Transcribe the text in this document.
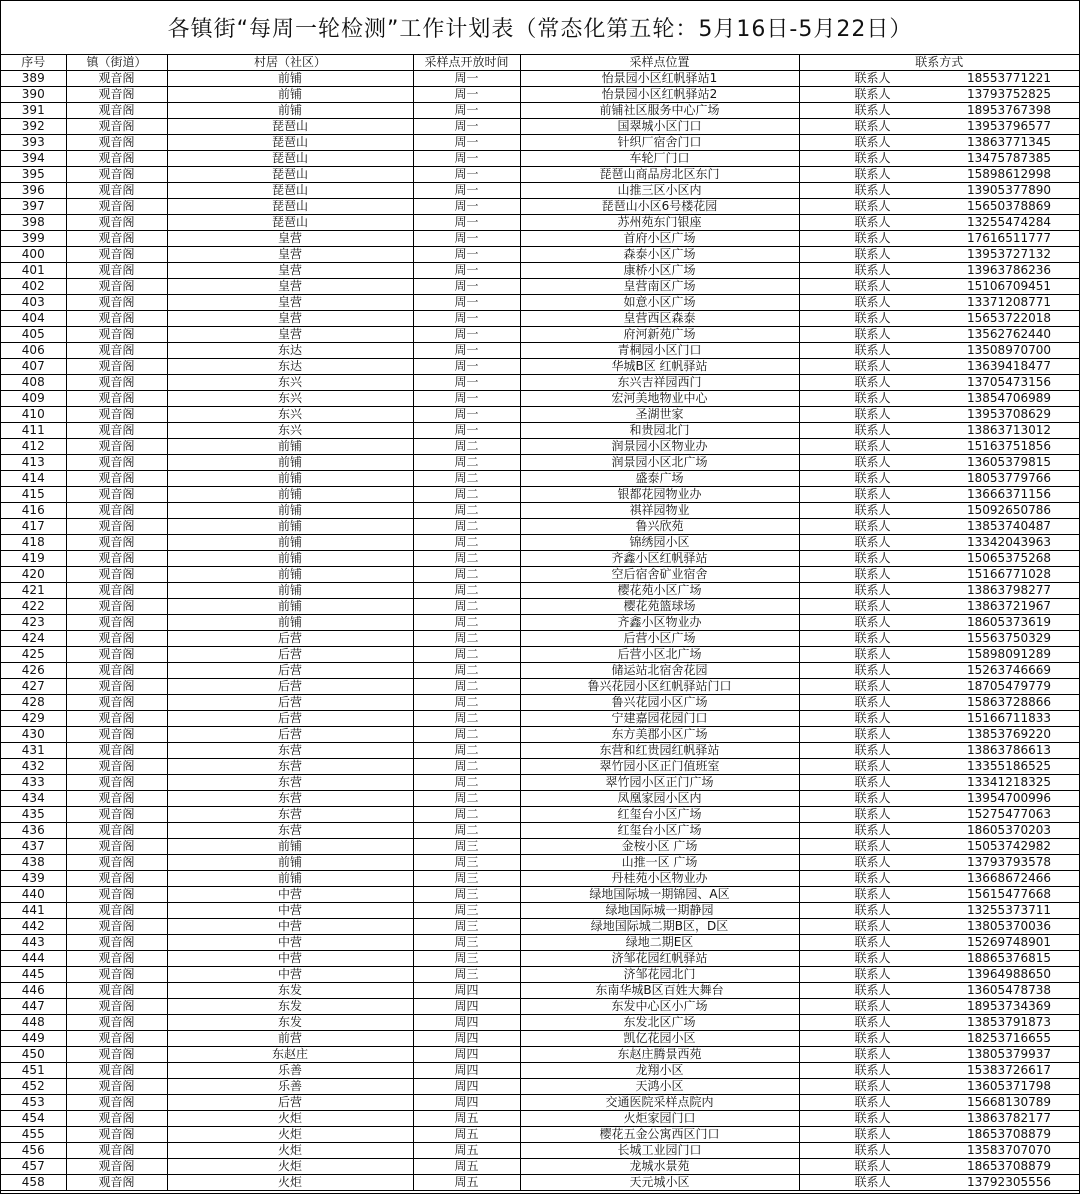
各镇街“每周一轮检测”工作计划表（常态化第五轮：5月16日-5月22日）
序号	镇（街道）	村居（社区）	采样点开放时间	采样点位置	联系方式
389	观音阁	前铺	周一	怡景园小区红帆驿站1	联系人 18553771221

390	观音阁	前铺	周一	怡景园小区红帆驿站2	联系人 13793752825

391	观音阁	前铺	周一	前铺社区服务中心广场	联系人 18953767398

392	观音阁	琵琶山	周一	国翠城小区门口	联系人 13953796577

393	观音阁	琵琶山	周一	针织厂宿舍门口	联系人 13863771345

394	观音阁	琵琶山	周一	车轮厂门口	联系人 13475787385

395	观音阁	琵琶山	周一	琵琶山商品房北区东门	联系人 15898612998

396	观音阁	琵琶山	周一	山推三区小区内	联系人 13905377890

397	观音阁	琵琶山	周一	琵琶山小区6号楼花园	联系人 15650378869

398	观音阁	琵琶山	周一	苏州苑东门银座	联系人 13255474284

399	观音阁	皇营	周一	首府小区广场	联系人 17616511777

400	观音阁	皇营	周一	森泰小区广场	联系人 13953727132

401	观音阁	皇营	周一	康桥小区广场	联系人 13963786236

402	观音阁	皇营	周一	皇营南区广场	联系人 15106709451

403	观音阁	皇营	周一	如意小区广场	联系人 13371208771

404	观音阁	皇营	周一	皇营西区森泰	联系人 15653722018

405	观音阁	皇营	周一	府河新苑广场	联系人 13562762440

406	观音阁	东达	周一	青桐园小区门口	联系人 13508970700

407	观音阁	东达	周一	华城B区 红帆驿站	联系人 13639418477

408	观音阁	东兴	周一	东兴吉祥园西门	联系人 13705473156

409	观音阁	东兴	周一	宏河美地物业中心	联系人 13854706989

410	观音阁	东兴	周一	圣湖世家	联系人 13953708629

411	观音阁	东兴	周一	和贵园北门	联系人 13863713012

412	观音阁	前铺	周二	润景园小区物业办	联系人 15163751856

413	观音阁	前铺	周二	润景园小区北广场	联系人 13605379815

414	观音阁	前铺	周二	盛泰广场	联系人 18053779766

415	观音阁	前铺	周二	银都花园物业办	联系人 13666371156

416	观音阁	前铺	周二	祺祥园物业	联系人 15092650786

417	观音阁	前铺	周二	鲁兴欣苑	联系人 13853740487

418	观音阁	前铺	周二	锦绣园小区	联系人 13342043963

419	观音阁	前铺	周二	齐鑫小区红帆驿站	联系人 15065375268

420	观音阁	前铺	周二	空后宿舍矿业宿舍	联系人 15166771028

421	观音阁	前铺	周二	樱花苑小区广场	联系人 13863798277

422	观音阁	前铺	周二	樱花苑篮球场	联系人 13863721967

423	观音阁	前铺	周二	齐鑫小区物业办	联系人 18605373619

424	观音阁	后营	周二	后营小区广场	联系人 15563750329

425	观音阁	后营	周二	后营小区北广场	联系人 15898091289

426	观音阁	后营	周二	储运站北宿舍花园	联系人 15263746669

427	观音阁	后营	周二	鲁兴花园小区红帆驿站门口	联系人 18705479779

428	观音阁	后营	周二	鲁兴花园小区广场	联系人 15863728866

429	观音阁	后营	周二	宁建嘉园花园门口	联系人 15166711833

430	观音阁	后营	周二	东方美郡小区广场	联系人 13853769220

431	观音阁	东营	周二	东营和红贵园红帆驿站	联系人 13863786613

432	观音阁	东营	周二	翠竹园小区正门值班室	联系人 13355186525

433	观音阁	东营	周二	翠竹园小区正门广场	联系人 13341218325

434	观音阁	东营	周二	凤凰家园小区内	联系人 13954700996

435	观音阁	东营	周二	红玺台小区广场	联系人 15275477063

436	观音阁	东营	周二	红玺台小区广场	联系人 18605370203

437	观音阁	前铺	周三	金桉小区 广场	联系人 15053742982

438	观音阁	前铺	周三	山推一区 广场	联系人 13793793578

439	观音阁	前铺	周三	丹桂苑小区物业办	联系人 13668672466

440	观音阁	中营	周三	绿地国际城一期锦园、A区	联系人 15615477668

441	观音阁	中营	周三	绿地国际城一期静园	联系人 13255373711

442	观音阁	中营	周三	绿地国际城二期B区，D区	联系人 13805370036

443	观音阁	中营	周三	绿地二期E区	联系人 15269748901

444	观音阁	中营	周三	济邹花园红帆驿站	联系人 18865376815

445	观音阁	中营	周三	济邹花园北门	联系人 13964988650

446	观音阁	东发	周四	东南华城B区百姓大舞台	联系人 13605478738

447	观音阁	东发	周四	东发中心区小广场	联系人 18953734369

448	观音阁	东发	周四	东发北区广场	联系人 13853791873

449	观音阁	前营	周四	凯亿花园小区	联系人 18253716655

450	观音阁	东赵庄	周四	东赵庄腾景西苑	联系人 13805379937

451	观音阁	乐善	周四	龙翔小区	联系人 15383726617

452	观音阁	乐善	周四	天鸿小区	联系人 13605371798

453	观音阁	后营	周四	交通医院采样点院内	联系人 15668130789

454	观音阁	火炬	周五	火炬家园门口	联系人 13863782177

455	观音阁	火炬	周五	樱花五金公寓西区门口	联系人 18653708879

456	观音阁	火炬	周五	长城工业园门口	联系人 13583707070

457	观音阁	火炬	周五	龙城水景苑	联系人 18653708879

458	观音阁	火炬	周五	天元城小区	联系人 13792305556
